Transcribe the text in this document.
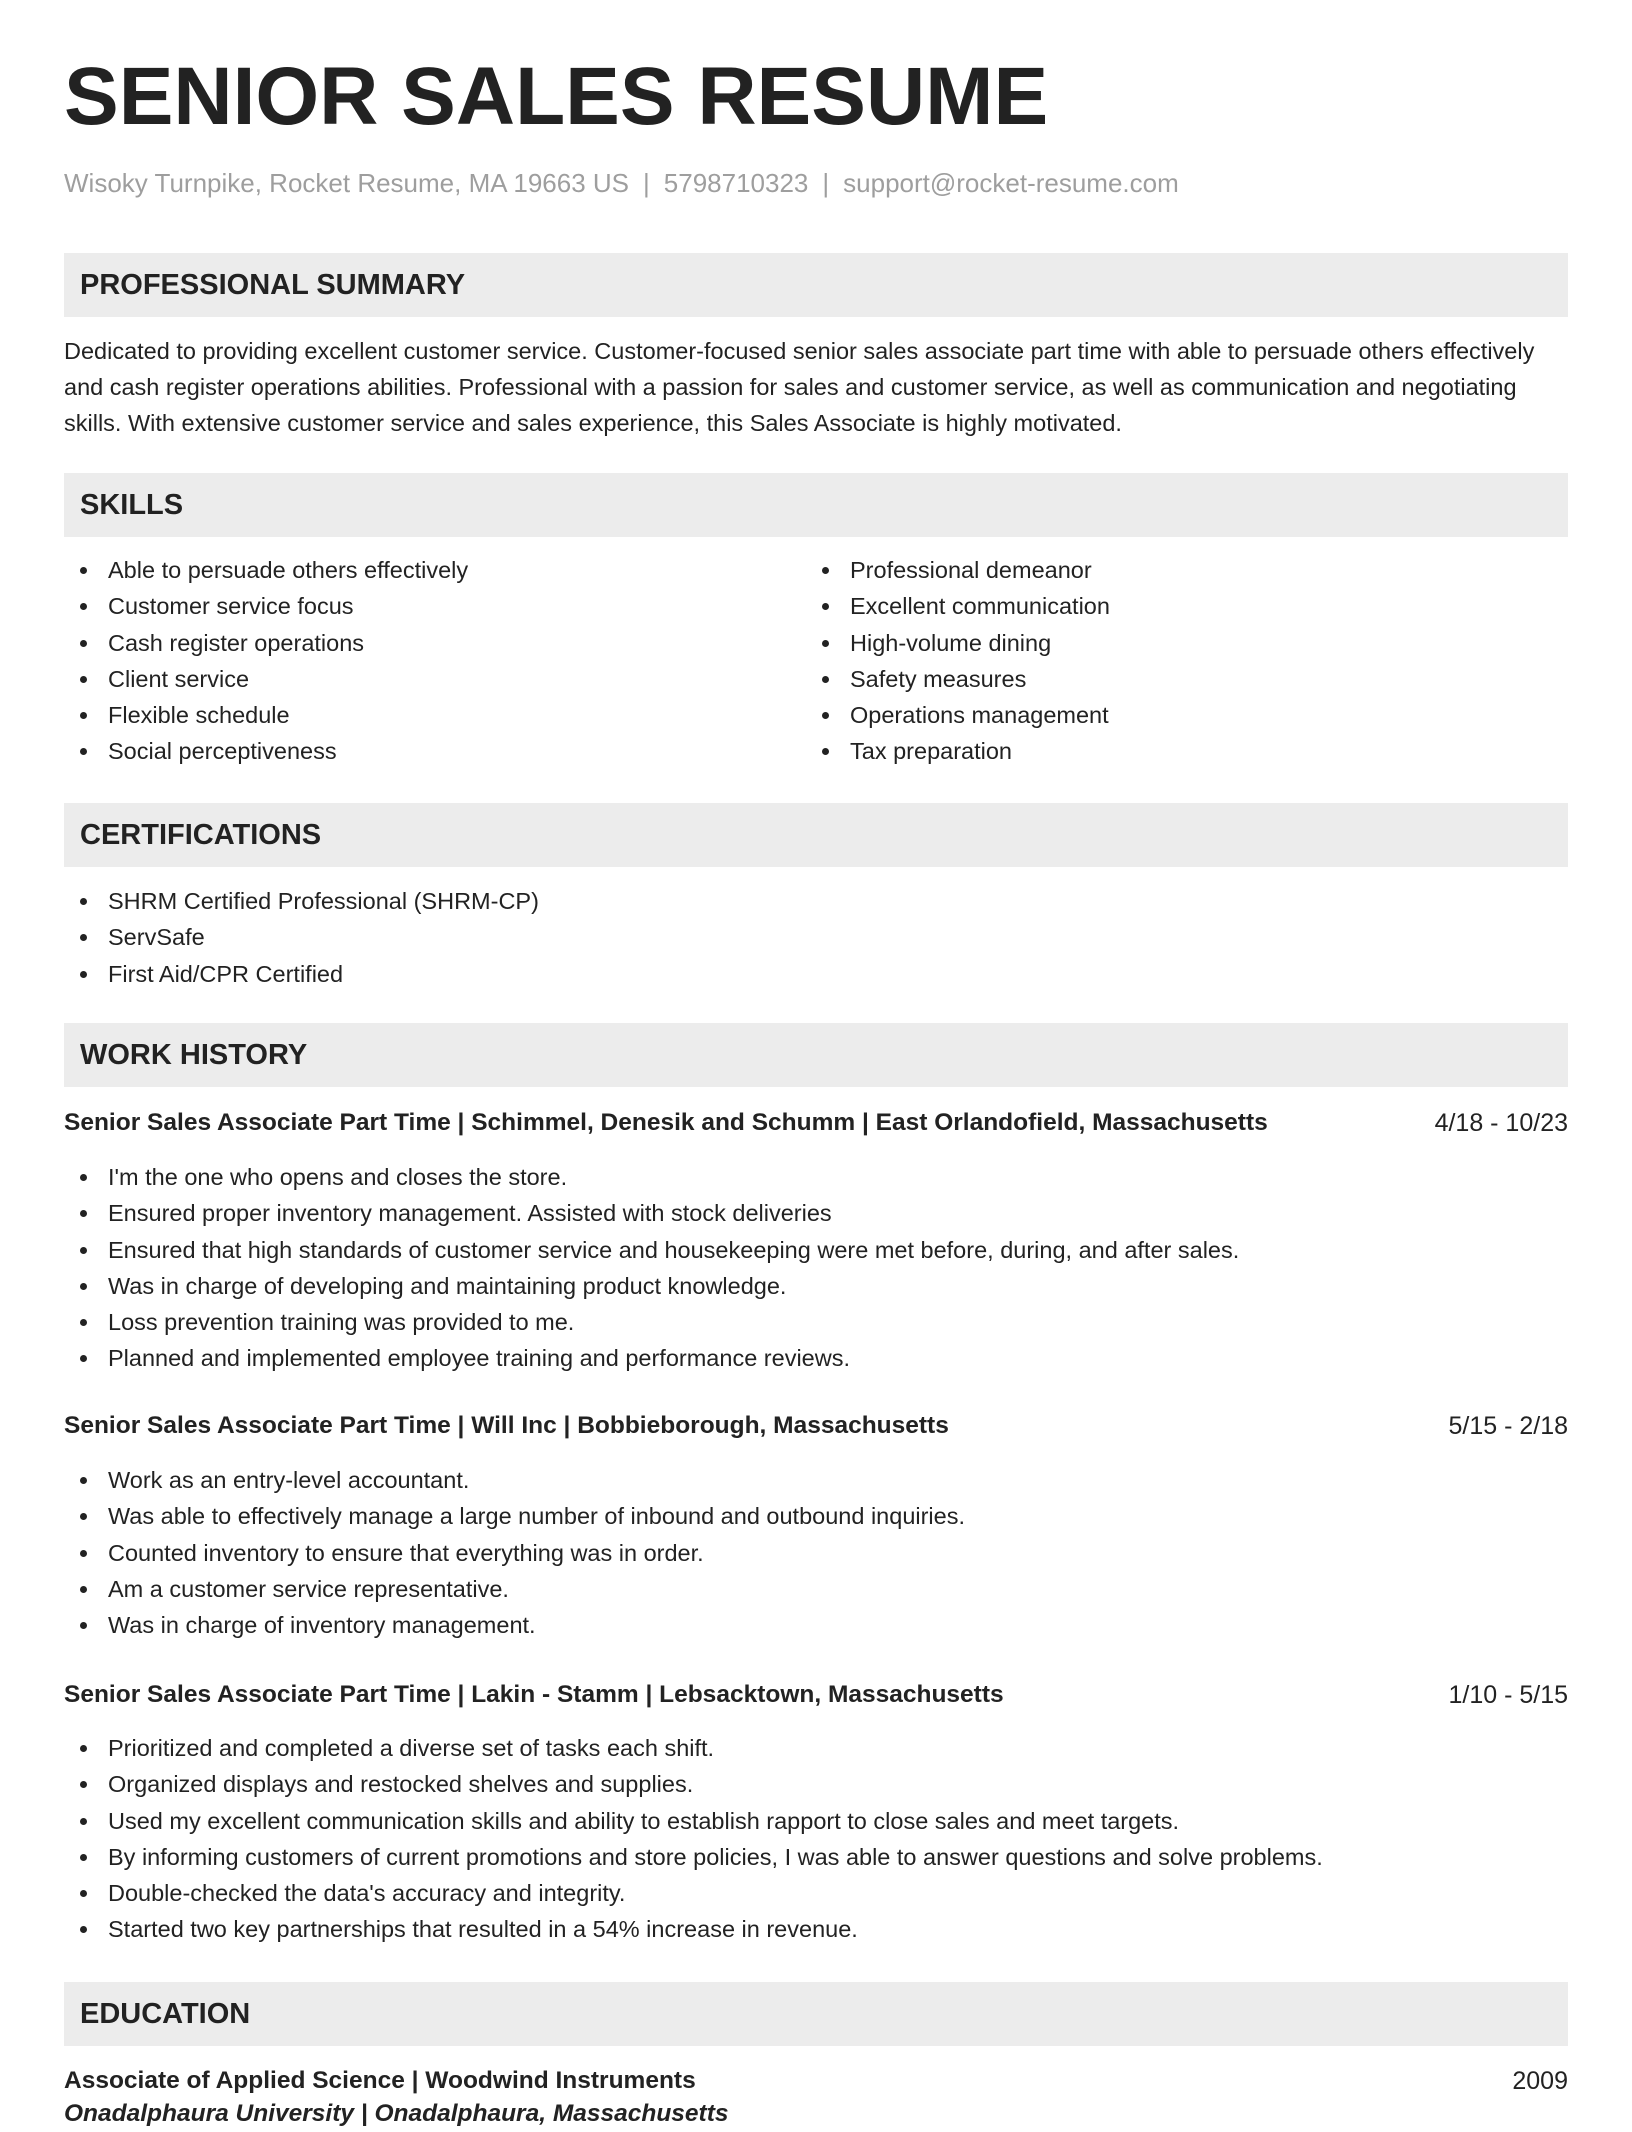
SENIOR SALES RESUME
Wisoky Turnpike, Rocket Resume, MA 19663 US | 5798710323 | support@rocket-resume.com
PROFESSIONAL SUMMARY

Dedicated to providing excellent customer service. Customer-focused senior sales associate part time with able to persuade others effectively and cash register operations abilities. Professional with a passion for sales and customer service, as well as communication and negotiating skills. With extensive customer service and sales experience, this Sales Associate is highly motivated.

SKILLS
Able to persuade others effectively
Customer service focus
Cash register operations
Client service
Flexible schedule
Social perceptiveness
Professional demeanor
Excellent communication
High-volume dining
Safety measures
Operations management
Tax preparation
CERTIFICATIONS
SHRM Certified Professional (SHRM-CP)
ServSafe
First Aid/CPR Certified
WORK HISTORY
Senior Sales Associate Part Time | Schimmel, Denesik and Schumm | East Orlandofield, Massachusetts	4/18 - 10/23
I'm the one who opens and closes the store.
Ensured proper inventory management. Assisted with stock deliveries
Ensured that high standards of customer service and housekeeping were met before, during, and after sales.
Was in charge of developing and maintaining product knowledge.
Loss prevention training was provided to me.
Planned and implemented employee training and performance reviews.
Senior Sales Associate Part Time | Will Inc | Bobbieborough, Massachusetts	5/15 - 2/18
Work as an entry-level accountant.
Was able to effectively manage a large number of inbound and outbound inquiries.
Counted inventory to ensure that everything was in order.
Am a customer service representative.
Was in charge of inventory management.
Senior Sales Associate Part Time | Lakin - Stamm | Lebsacktown, Massachusetts	1/10 - 5/15
Prioritized and completed a diverse set of tasks each shift.
Organized displays and restocked shelves and supplies.
Used my excellent communication skills and ability to establish rapport to close sales and meet targets.
By informing customers of current promotions and store policies, I was able to answer questions and solve problems.
Double-checked the data's accuracy and integrity.
Started two key partnerships that resulted in a 54% increase in revenue.
EDUCATION
Associate of Applied Science | Woodwind Instruments	2009
Onadalphaura University | Onadalphaura, Massachusetts
